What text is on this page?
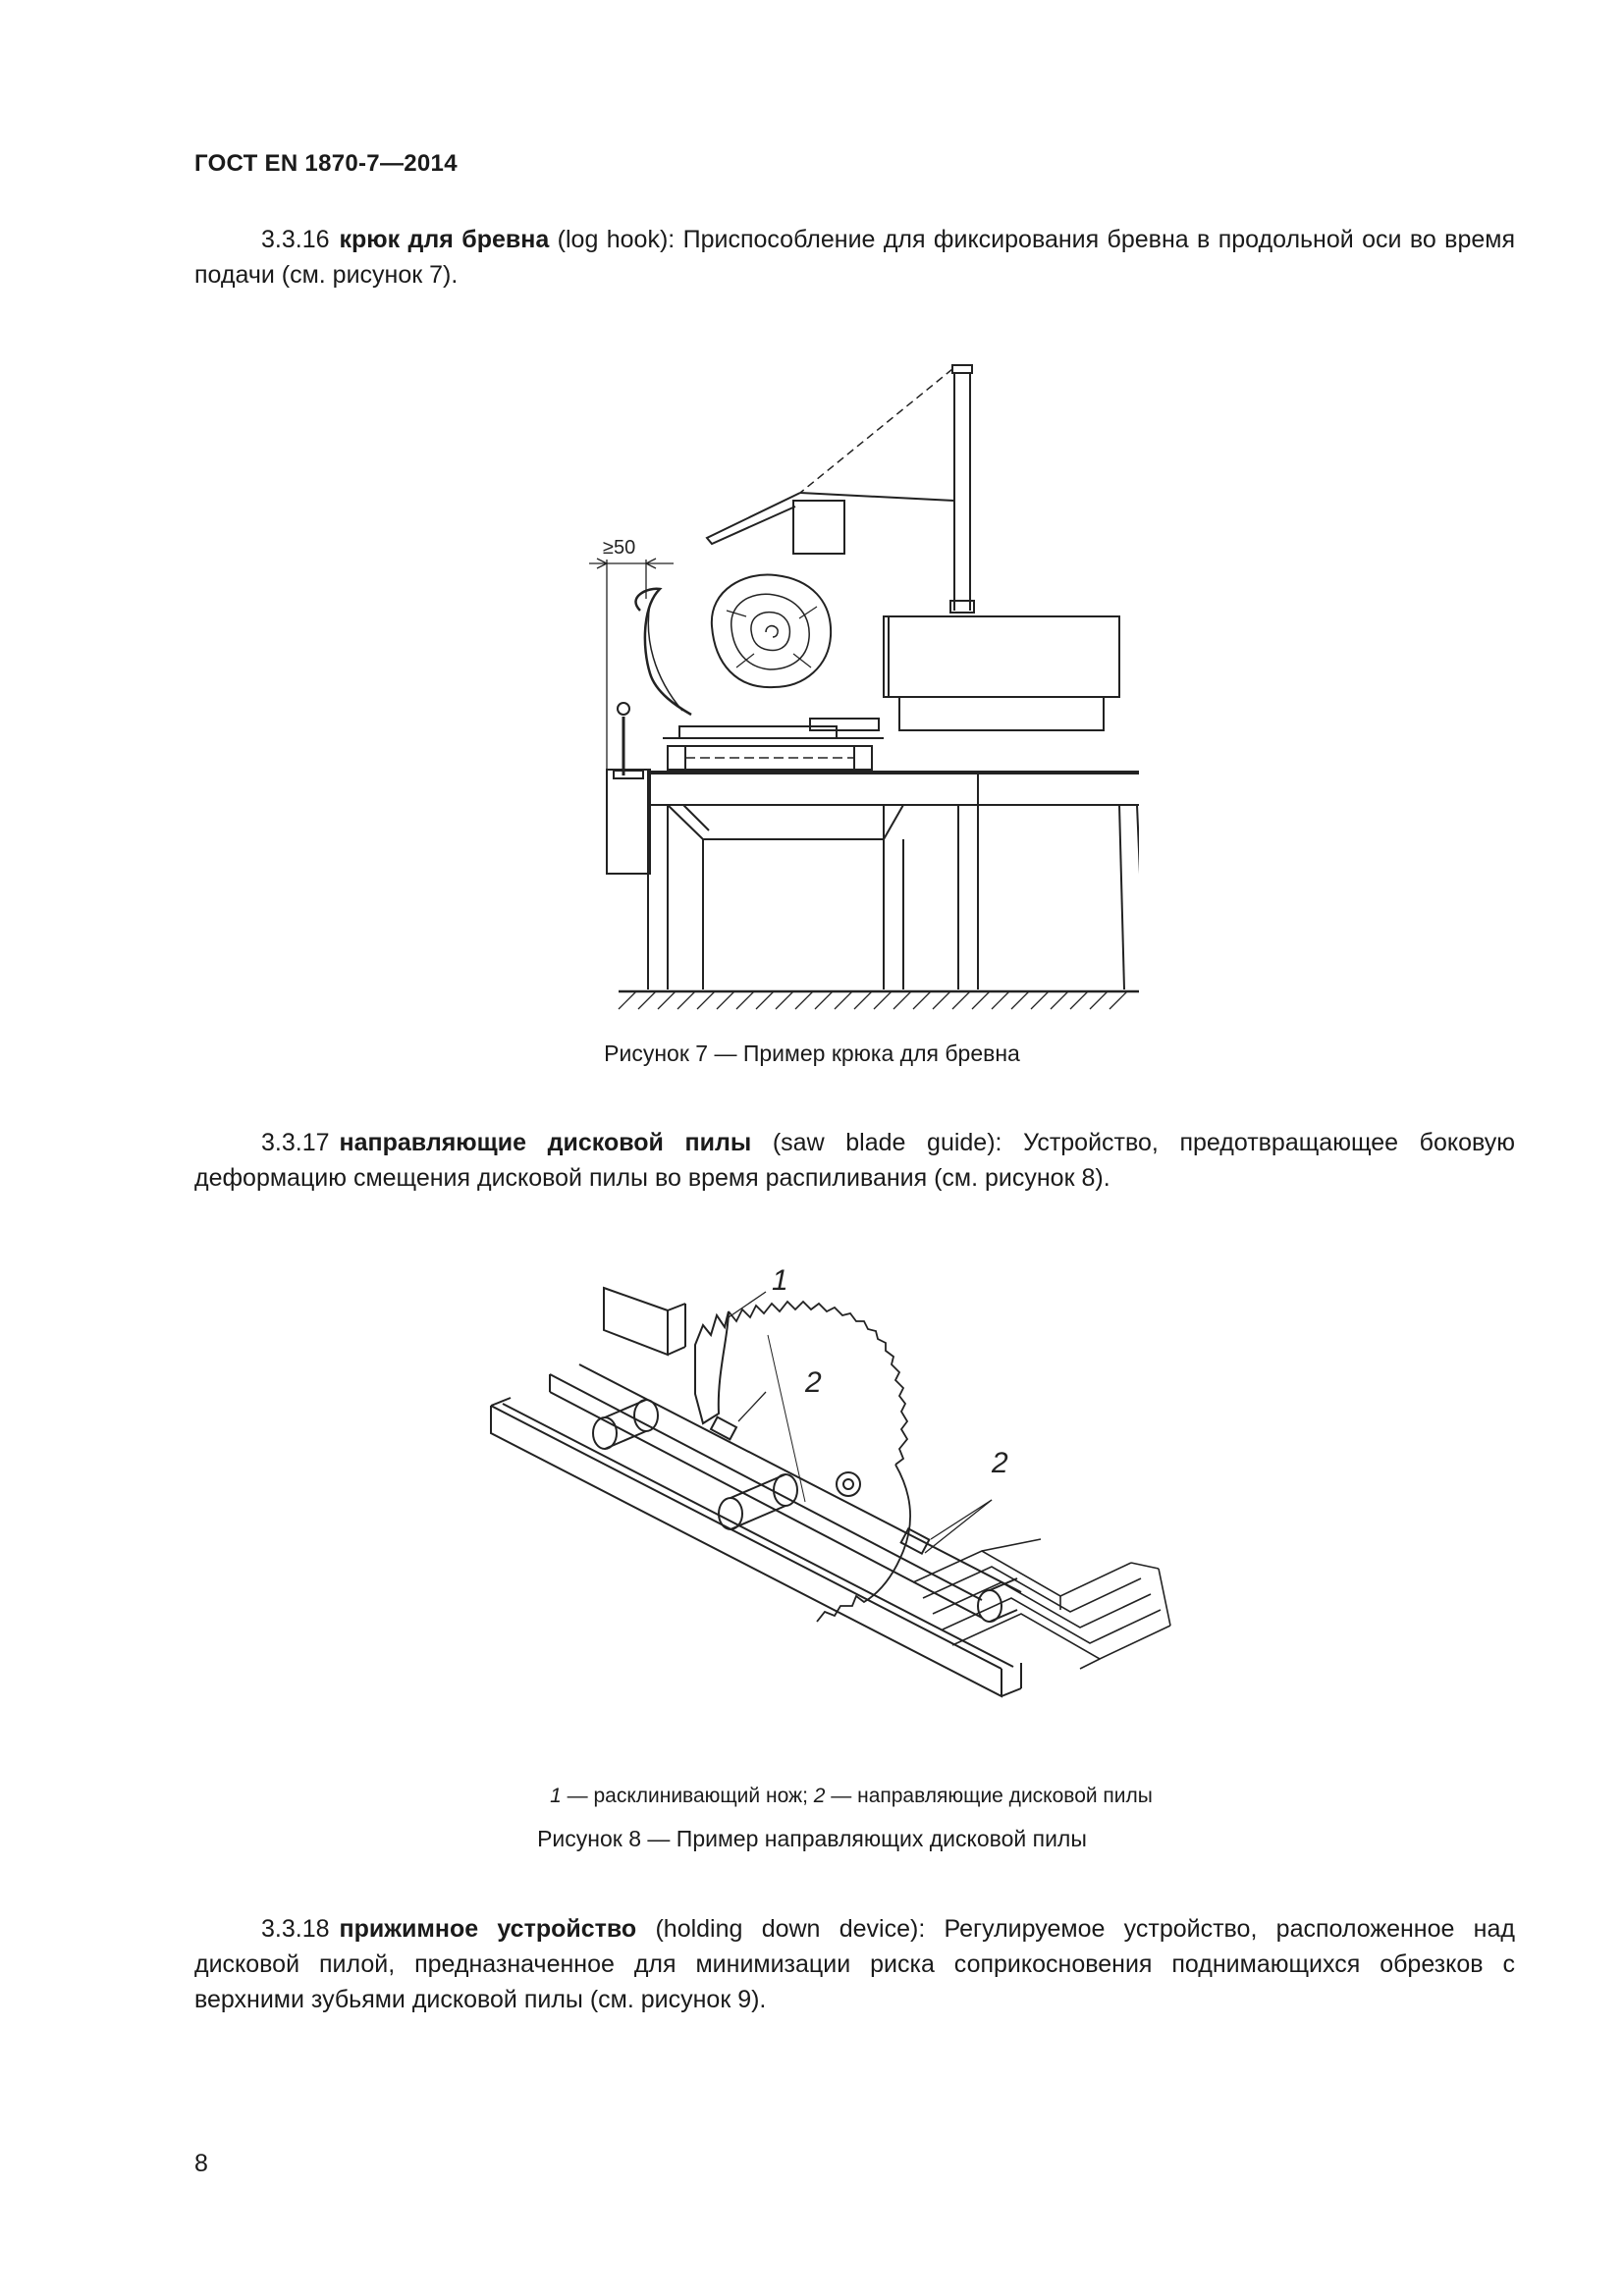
ГОСТ EN 1870-7—2014
3.3.16 крюк для бревна (log hook): Приспособление для фиксирования бревна в продольной оси во время подачи (см. рисунок 7).
≥50
Рисунок 7 — Пример крюка для бревна
3.3.17 направляющие дисковой пилы (saw blade guide): Устройство, предотвращающее боковую деформацию смещения дисковой пилы во время распиливания (см. рисунок 8).
1
2
2
1 — расклинивающий нож; 2 — направляющие дисковой пилы
Рисунок 8 — Пример направляющих дисковой пилы
3.3.18 прижимное устройство (holding down device): Регулируемое устройство, расположенное над дисковой пилой, предназначенное для минимизации риска соприкосновения поднимающихся обрезков с верхними зубьями дисковой пилы (см. рисунок 9).
8
